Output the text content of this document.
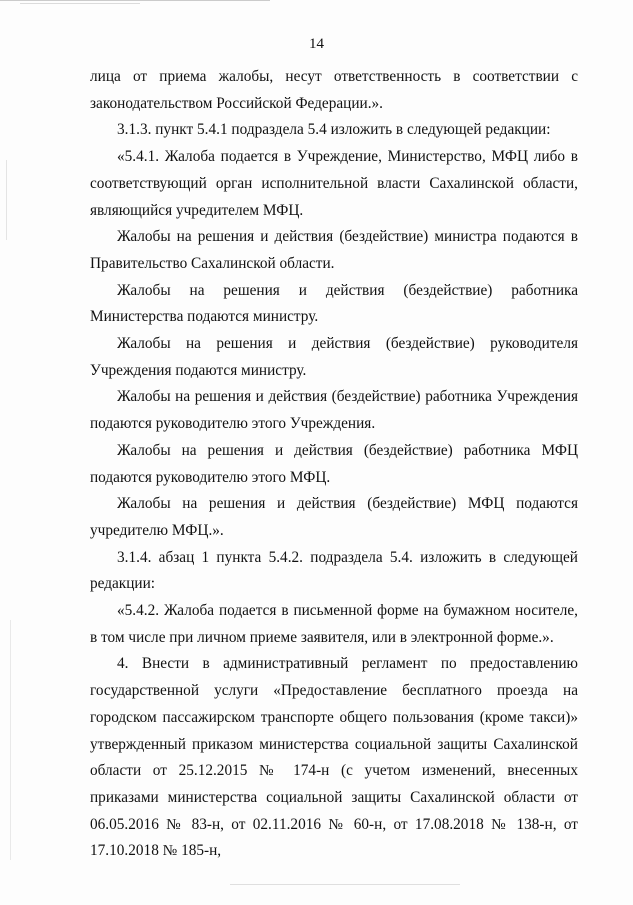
14

лица от приема жалобы, несут ответственность в соответствии с законодательством Российской Федерации.».

3.1.3. пункт 5.4.1 подраздела 5.4 изложить в следующей редакции:

«5.4.1. Жалоба подается в Учреждение, Министерство, МФЦ либо в соответствующий орган исполнительной власти Сахалинской области, являющийся учредителем МФЦ.

Жалобы на решения и действия (бездействие) министра подаются в Правительство Сахалинской области.

Жалобы на решения и действия (бездействие) работника Министерства подаются министру.

Жалобы на решения и действия (бездействие) руководителя Учреждения подаются министру.

Жалобы на решения и действия (бездействие) работника Учреждения подаются руководителю этого Учреждения.

Жалобы на решения и действия (бездействие) работника МФЦ подаются руководителю этого МФЦ.

Жалобы на решения и действия (бездействие) МФЦ подаются учредителю МФЦ.».

3.1.4. абзац 1 пункта 5.4.2. подраздела 5.4. изложить в следующей редакции:

«5.4.2. Жалоба подается в письменной форме на бумажном носителе, в том числе при личном приеме заявителя, или в электронной форме.».

4. Внести в административный регламент по предоставлению государственной услуги «Предоставление бесплатного проезда на городском пассажирском транспорте общего пользования (кроме такси)» утвержденный приказом министерства социальной защиты Сахалинской области от 25.12.2015 № 174-н (с учетом изменений, внесенных приказами министерства социальной защиты Сахалинской области от 06.05.2016 № 83-н, от 02.11.2016 № 60-н, от 17.08.2018 № 138-н, от 17.10.2018 № 185-н,
